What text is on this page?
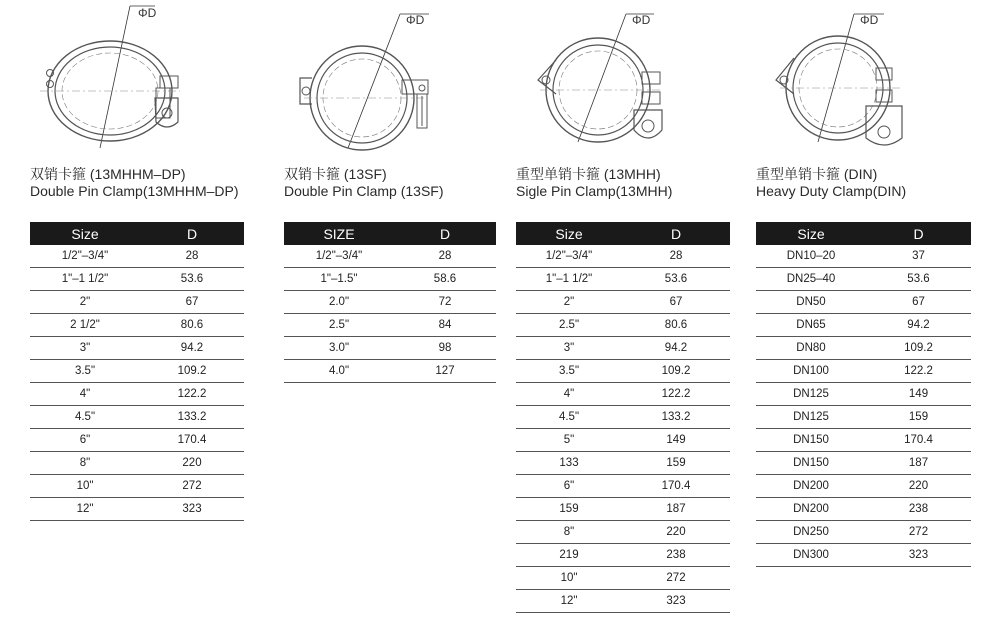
ΦD
双销卡箍 (13MHHM–DP)
Double Pin Clamp(13MHHM–DP)
Size	D
1/2"–3/4"	28
1"–1 1/2"	53.6
2"	67
2 1/2"	80.6
3"	94.2
3.5"	109.2
4"	122.2
4.5"	133.2
6"	170.4
8"	220
10"	272
12"	323
ΦD
双销卡箍 (13SF)
Double Pin Clamp (13SF)
SIZE	D
1/2"–3/4"	28
1"–1.5"	58.6
2.0"	72
2.5"	84
3.0"	98
4.0"	127
ΦD
重型单销卡箍 (13MHH)
Sigle Pin Clamp(13MHH)
Size	D
1/2"–3/4"	28
1"–1 1/2"	53.6
2"	67
2.5"	80.6
3"	94.2
3.5"	109.2
4"	122.2
4.5"	133.2
5"	149
133	159
6"	170.4
159	187
8"	220
219	238
10"	272
12"	323
ΦD
重型单销卡箍 (DIN)
Heavy Duty Clamp(DIN)
Size	D
DN10–20	37
DN25–40	53.6
DN50	67
DN65	94.2
DN80	109.2
DN100	122.2
DN125	149
DN125	159
DN150	170.4
DN150	187
DN200	220
DN200	238
DN250	272
DN300	323
